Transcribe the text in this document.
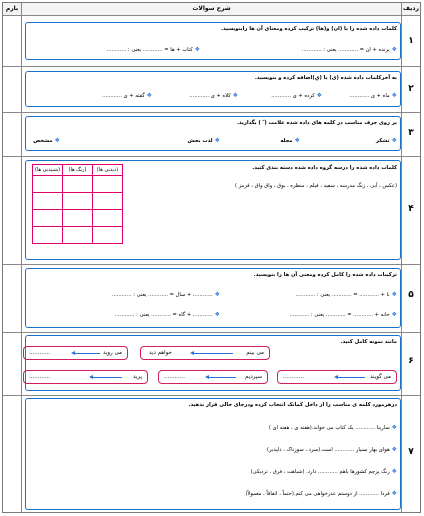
ردیف
شرح سوالات
بارم
۱
کلمات داده شده را با (ان) و(ها) ترکیب کرده ومعنای آن ها رابنویسید.
❖ پرنده + ان = ............ یعنی : ............
❖ کتاب + ها = ............ یعنی : ............
۲
به آخرکلمات داده شده (ی) یا (یِ)اضافه کرده و بنویسید.
❖ ماه + ی ............
❖ کرده + ی ............
❖ کلاه + ی ............
❖ گفته + ی ............
۳
بر روی حرف مناسب در کلمه های داده شده علامت ( ّ ) بگذارید.
❖ تشکر
❖ مجله
❖ لذت بخش
❖ مشخص
۴
کلمات داده شده را درسه گروه داده شده دسته بندی کنید.
(عکس ، آبی ، زنگ مدرسه ، سفید ، فیلم ، منظره ، بوق ، واق واق ، قرمز )
(شنیدنی ها)	(رنگ ها)	(دیدنی ها)

۵
ترکیبات داده شده را کامل کرده ومعنی آن ها را بنویسید.
❖ نا + ............ = ............ یعنی : ............
❖ ............ + سال = ............ یعنی : ............
❖ خانه + ............ = ............ یعنی : ............
❖ ............ + گاه = ............ یعنی : ............
۶
مانند نمونه کامل کنید.
می بینم
خواهم دید
می روید
............
می گویند
............
سپردیم
............
پرید
............
۷
درهرمورد کلمه ی مناسب را از داخل کمانک انتخاب کرده ودرجای خالی قرار بدهید.
❖ سارینا ............ یک کتاب می خواند.(هفته ی ، هفته ای )
❖ هوای بهار بسیار ............ است.(سرد ، سوزناک ، دلپذیر)
❖ رنگ پرچم کشورها باهم ............ دارد. (شباهت ، فرق ، نزدیکی)
❖ فردا ............ از دوستم عذرخواهی می کنم.(حتماً ، اتفاقاً ، معمولاً)
